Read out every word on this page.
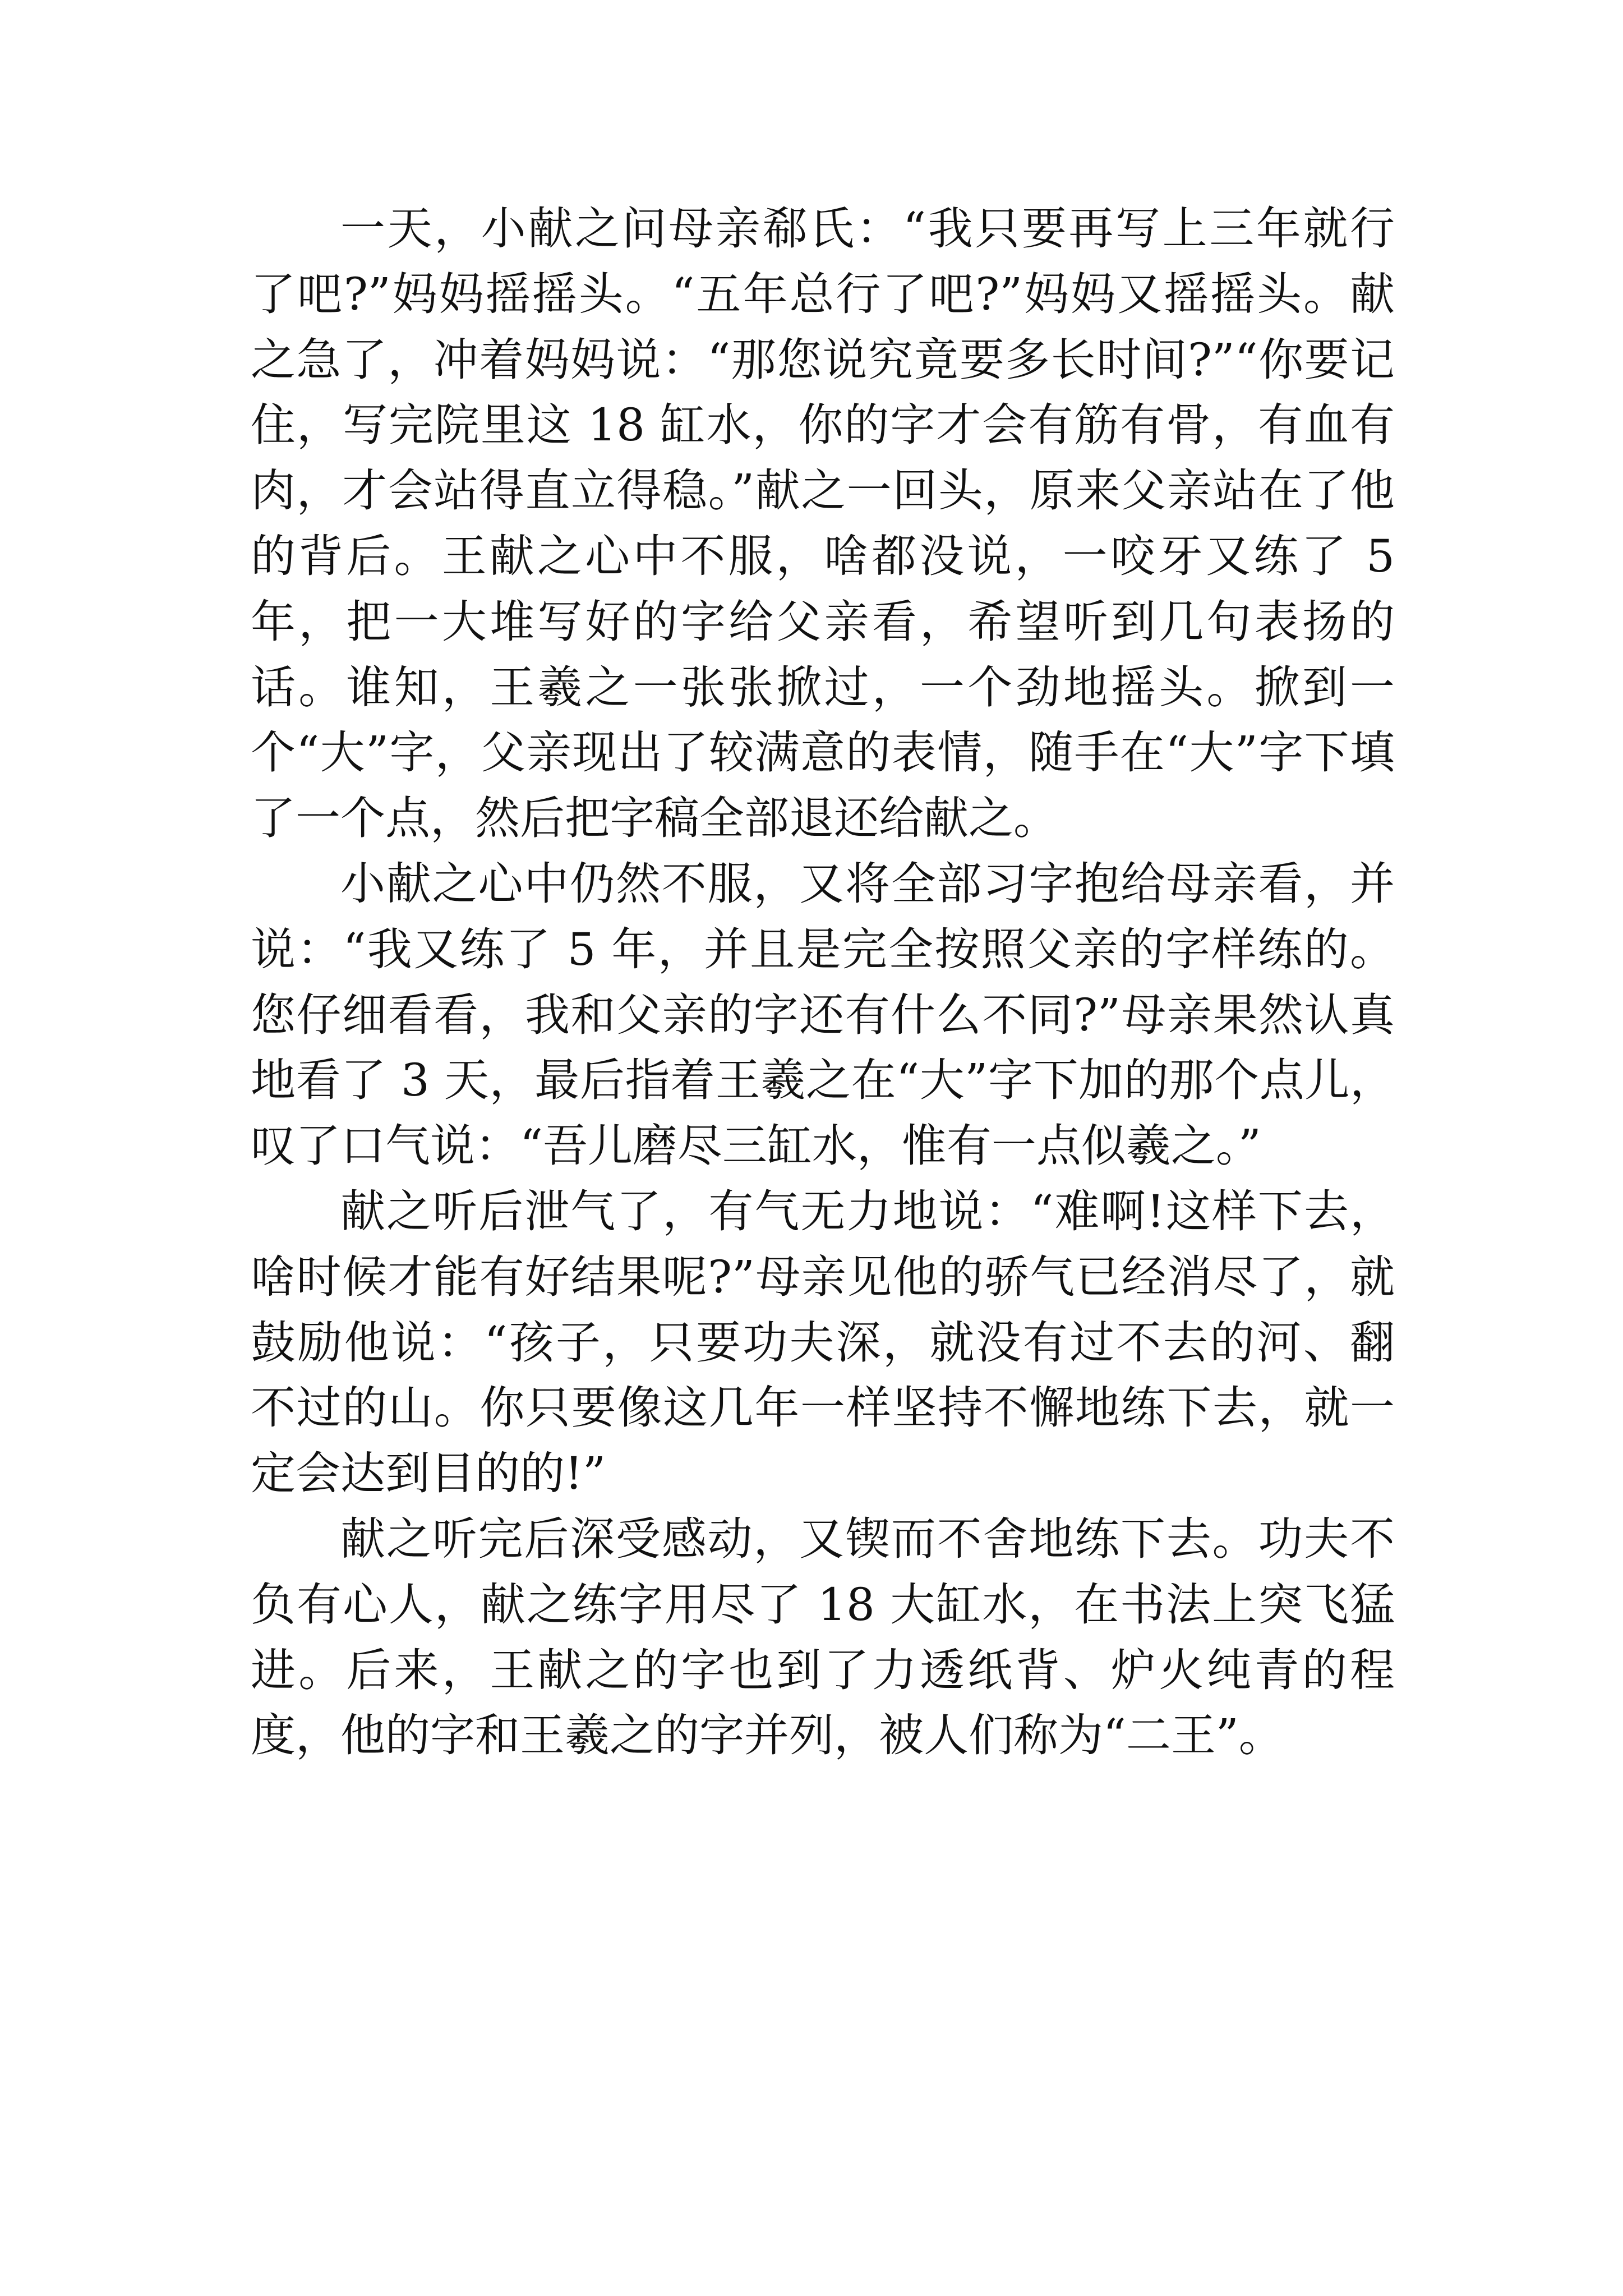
一天，小献之问母亲郗氏：“我只要再写上三年就行了吧?”妈妈摇摇头。“五年总行了吧?”妈妈又摇摇头。献之急了，冲着妈妈说：“那您说究竟要多长时间?”“你要记住，写完院里这 18 缸水，你的字才会有筋有骨，有血有肉，才会站得直立得稳。”献之一回头，原来父亲站在了他的背后。王献之心中不服，啥都没说，一咬牙又练了 5 年，把一大堆写好的字给父亲看，希望听到几句表扬的话。谁知，王羲之一张张掀过，一个劲地摇头。掀到一个“大”字，父亲现出了较满意的表情，随手在“大”字下填了一个点，然后把字稿全部退还给献之。

小献之心中仍然不服，又将全部习字抱给母亲看，并说：“我又练了 5 年，并且是完全按照父亲的字样练的。您仔细看看，我和父亲的字还有什么不同?”母亲果然认真地看了 3 天，最后指着王羲之在“大”字下加的那个点儿，叹了口气说：“吾儿磨尽三缸水，惟有一点似羲之。”

献之听后泄气了，有气无力地说：“难啊!这样下去，啥时候才能有好结果呢?”母亲见他的骄气已经消尽了，就鼓励他说：“孩子，只要功夫深，就没有过不去的河、翻不过的山。你只要像这几年一样坚持不懈地练下去，就一定会达到目的的!”

献之听完后深受感动，又锲而不舍地练下去。功夫不负有心人，献之练字用尽了 18 大缸水，在书法上突飞猛进。后来，王献之的字也到了力透纸背、炉火纯青的程度，他的字和王羲之的字并列，被人们称为“二王”。
